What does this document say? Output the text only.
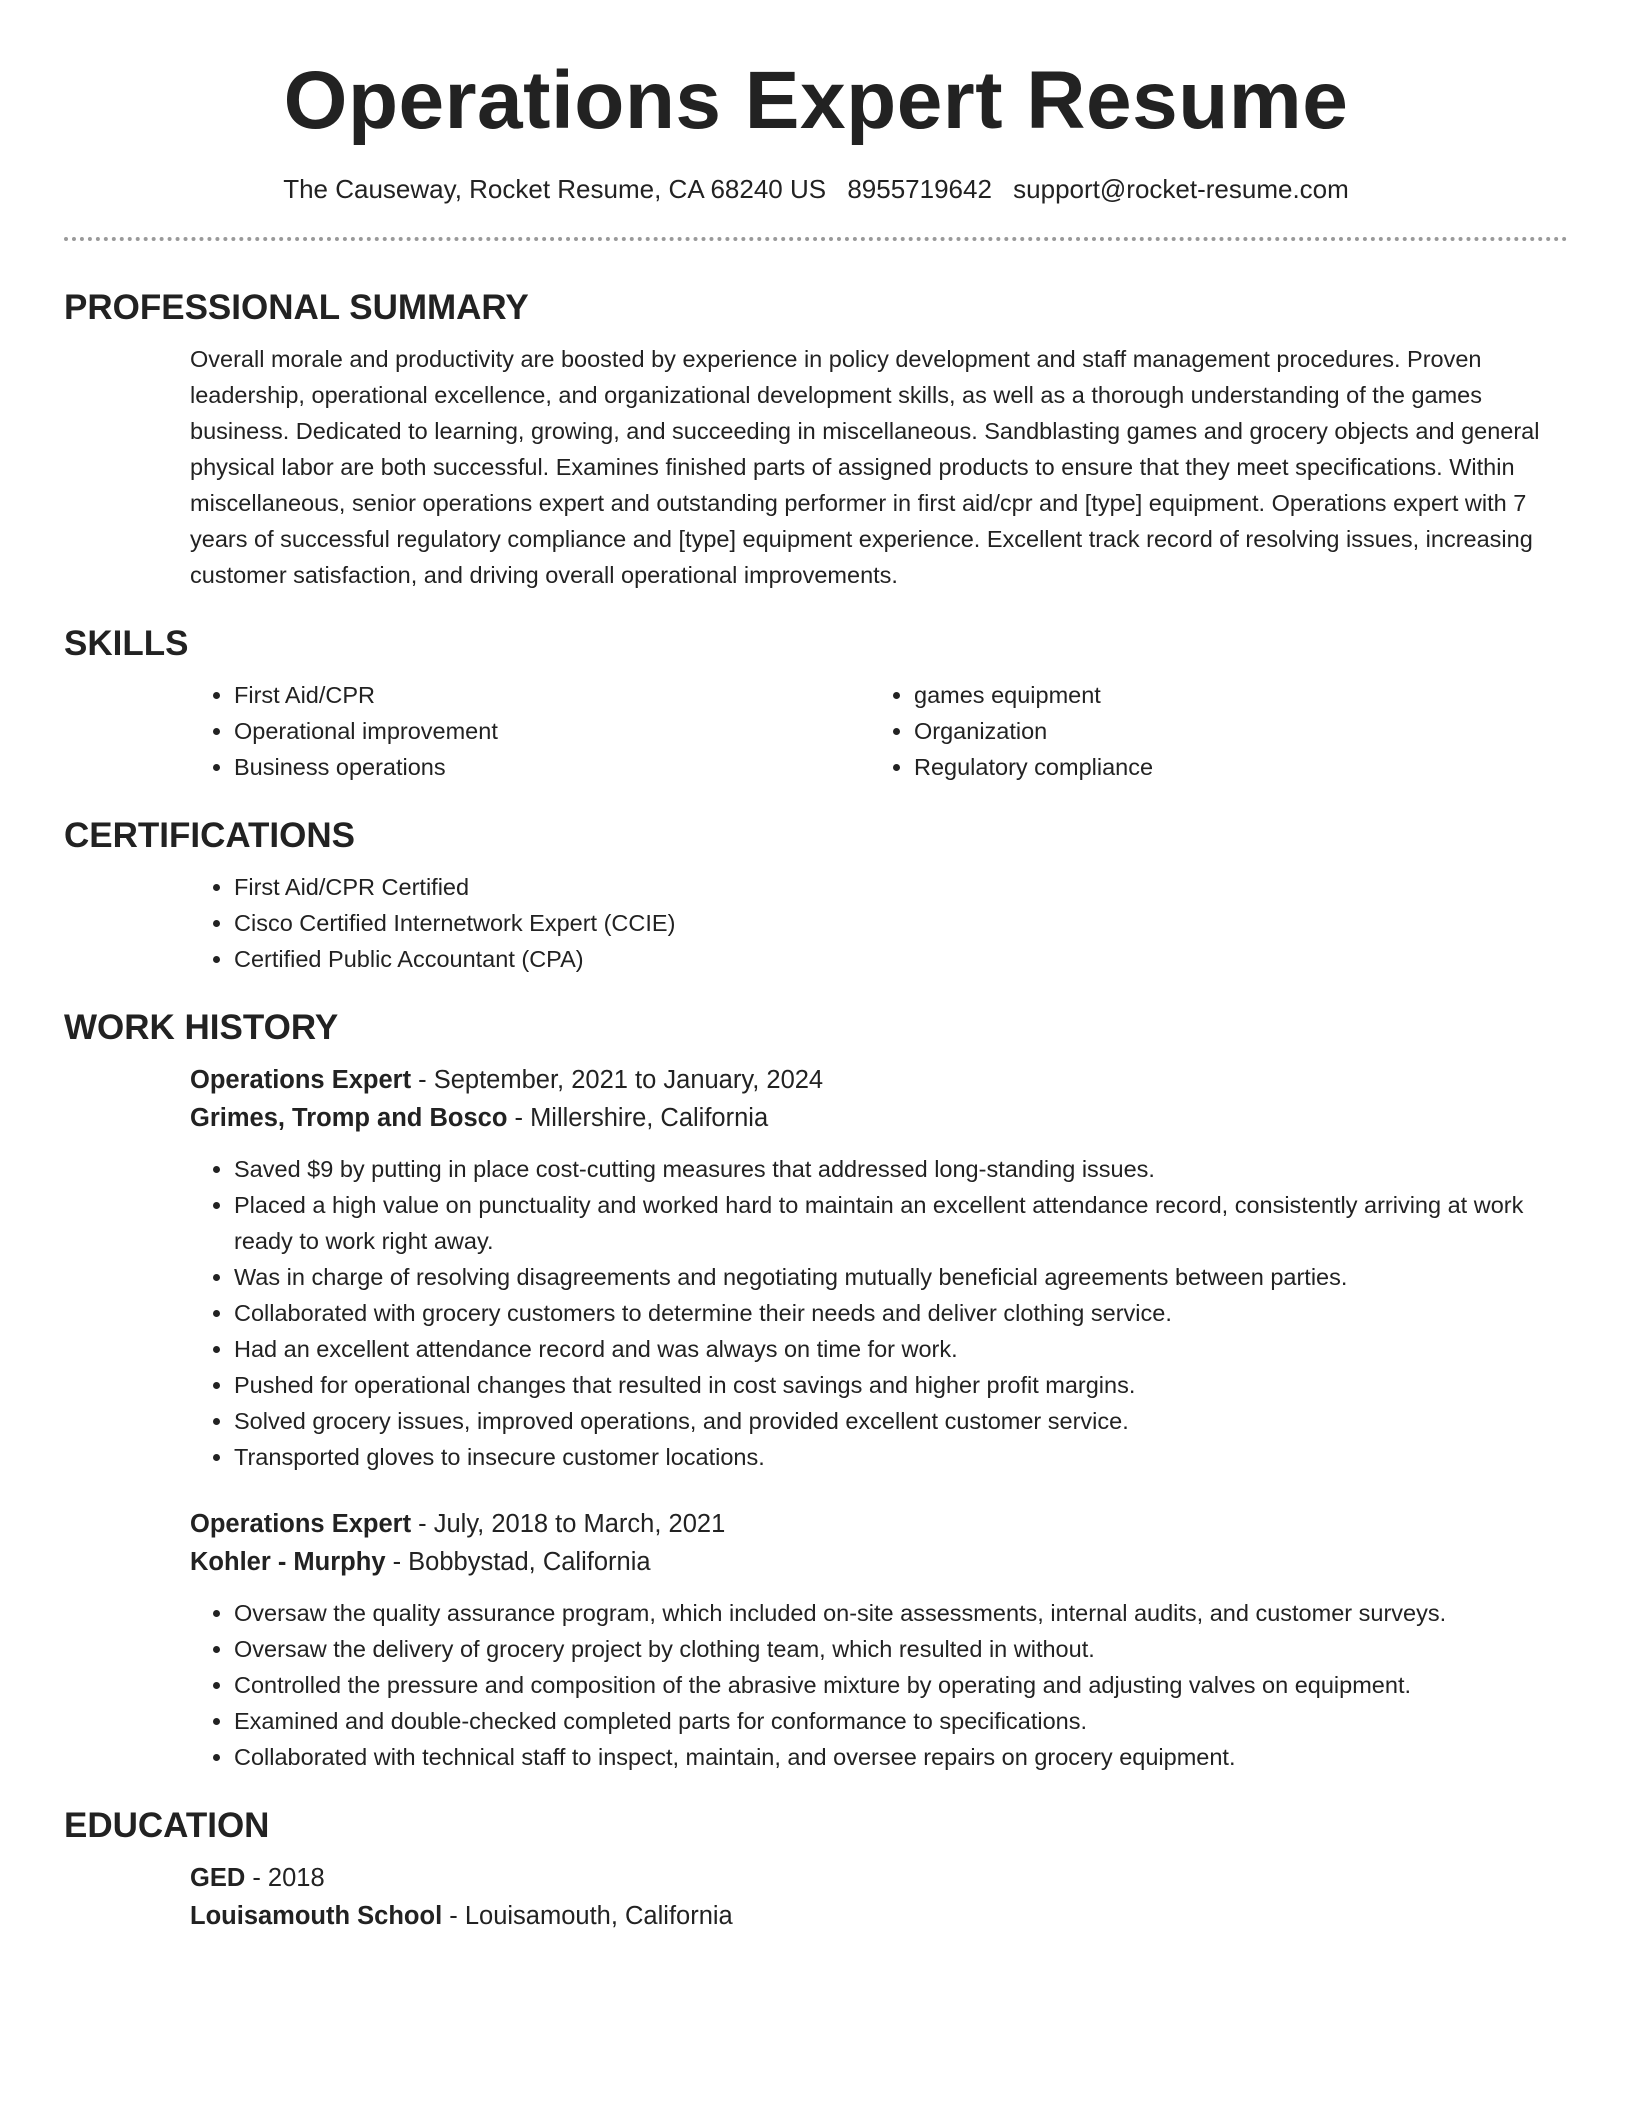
Operations Expert Resume
The Causeway, Rocket Resume, CA 68240 US 8955719642 support@rocket-resume.com
PROFESSIONAL SUMMARY

Overall morale and productivity are boosted by experience in policy development and staff management procedures. Proven leadership, operational excellence, and organizational development skills, as well as a thorough understanding of the games business. Dedicated to learning, growing, and succeeding in miscellaneous. Sandblasting games and grocery objects and general physical labor are both successful. Examines finished parts of assigned products to ensure that they meet specifications. Within miscellaneous, senior operations expert and outstanding performer in first aid/cpr and [type] equipment. Operations expert with 7 years of successful regulatory compliance and [type] equipment experience. Excellent track record of resolving issues, increasing customer satisfaction, and driving overall operational improvements.

SKILLS
• First Aid/CPR
• Operational improvement
• Business operations
• games equipment
• Organization
• Regulatory compliance
CERTIFICATIONS
• First Aid/CPR Certified
• Cisco Certified Internetwork Expert (CCIE)
• Certified Public Accountant (CPA)
WORK HISTORY
Operations Expert - September, 2021 to January, 2024
Grimes, Tromp and Bosco - Millershire, California
• Saved $9 by putting in place cost-cutting measures that addressed long-standing issues.
• Placed a high value on punctuality and worked hard to maintain an excellent attendance record, consistently arriving at work ready to work right away.
• Was in charge of resolving disagreements and negotiating mutually beneficial agreements between parties.
• Collaborated with grocery customers to determine their needs and deliver clothing service.
• Had an excellent attendance record and was always on time for work.
• Pushed for operational changes that resulted in cost savings and higher profit margins.
• Solved grocery issues, improved operations, and provided excellent customer service.
• Transported gloves to insecure customer locations.
Operations Expert - July, 2018 to March, 2021
Kohler - Murphy - Bobbystad, California
• Oversaw the quality assurance program, which included on-site assessments, internal audits, and customer surveys.
• Oversaw the delivery of grocery project by clothing team, which resulted in without.
• Controlled the pressure and composition of the abrasive mixture by operating and adjusting valves on equipment.
• Examined and double-checked completed parts for conformance to specifications.
• Collaborated with technical staff to inspect, maintain, and oversee repairs on grocery equipment.
EDUCATION
GED - 2018
Louisamouth School - Louisamouth, California
